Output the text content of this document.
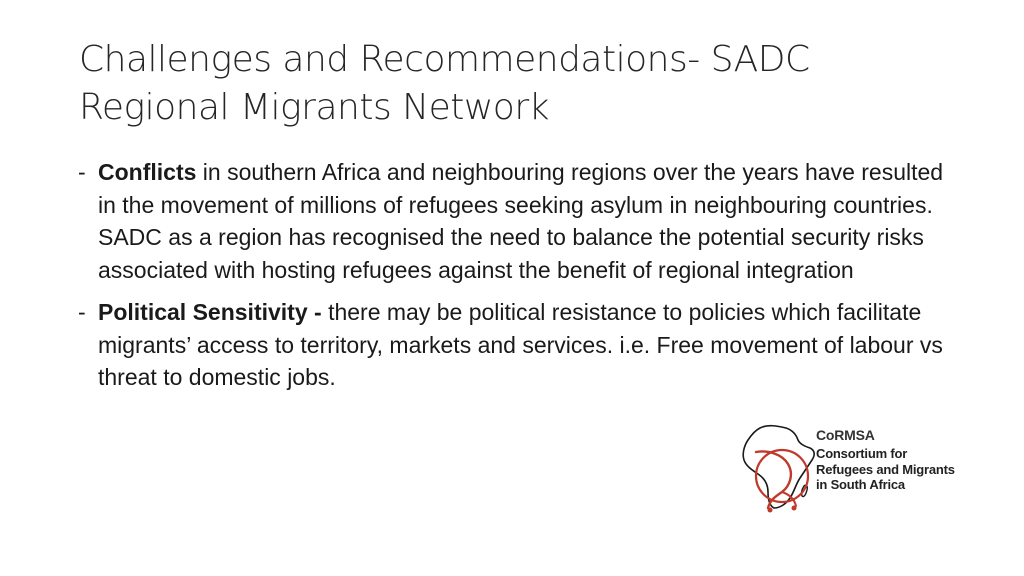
Challenges and Recommendations- SADC
Regional Migrants Network
- Conflicts in southern Africa and neighbouring regions over the years have resulted in the movement of millions of refugees seeking asylum in neighbouring countries. SADC as a region has recognised the need to balance the potential security risks associated with hosting refugees against the benefit of regional integration
- Political Sensitivity - there may be political resistance to policies which facilitate migrants’ access to territory, markets and services. i.e. Free movement of labour vs threat to domestic jobs.
CoRMSA
Consortium for
Refugees and Migrants
in South Africa
